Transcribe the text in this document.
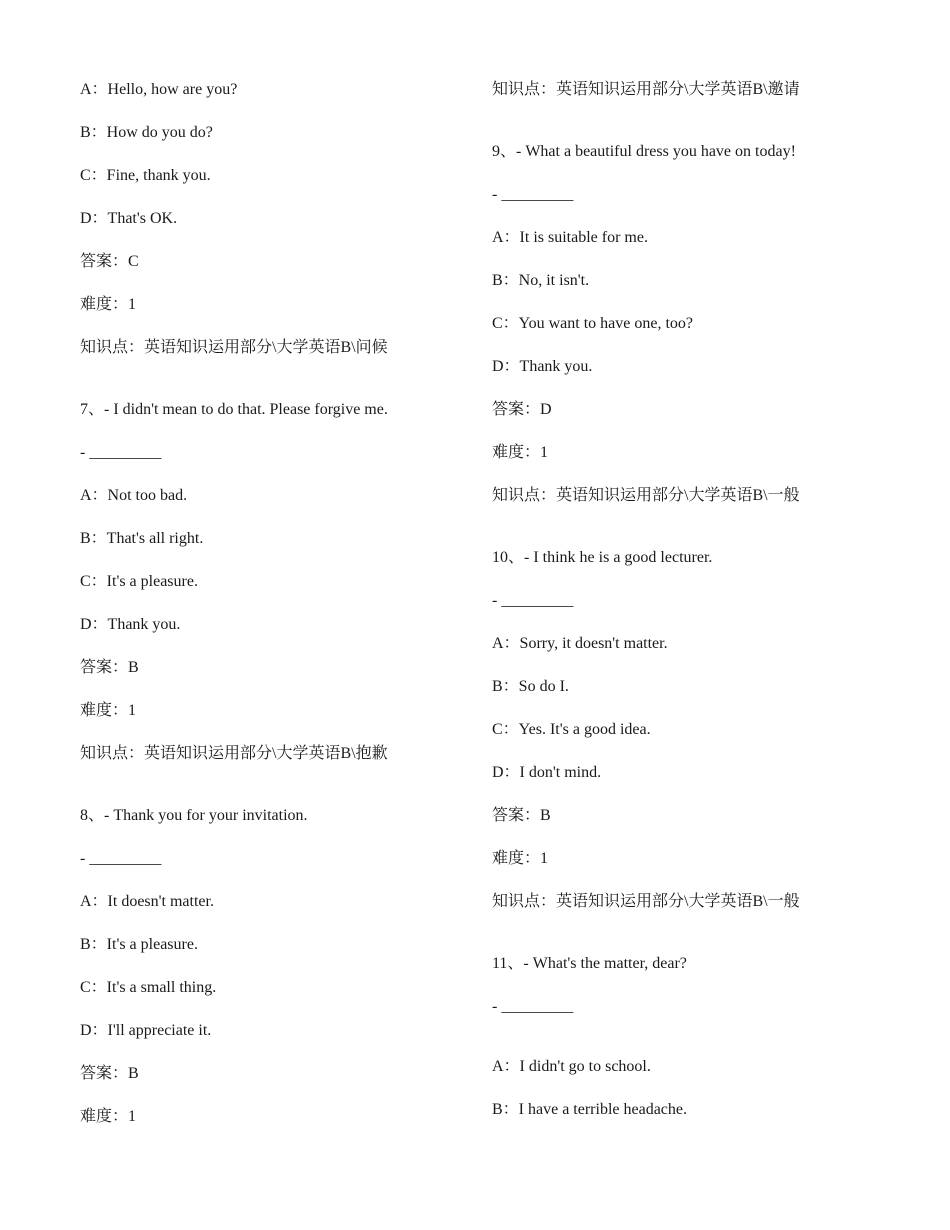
A：Hello, how are you?
B：How do you do?
C：Fine, thank you.
D：That's OK.
答案：C
难度：1
知识点：英语知识运用部分\大学英语B\问候
7、- I didn't mean to do that. Please forgive me.
- _________
A：Not too bad.
B：That's all right.
C：It's a pleasure.
D：Thank you.
答案：B
难度：1
知识点：英语知识运用部分\大学英语B\抱歉
8、- Thank you for your invitation.
- _________
A：It doesn't matter.
B：It's a pleasure.
C：It's a small thing.
D：I'll appreciate it.
答案：B
难度：1
知识点：英语知识运用部分\大学英语B\邀请
9、- What a beautiful dress you have on today!
- _________
A：It is suitable for me.
B：No, it isn't.
C：You want to have one, too?
D：Thank you.
答案：D
难度：1
知识点：英语知识运用部分\大学英语B\一般
10、- I think he is a good lecturer.
- _________
A：Sorry, it doesn't matter.
B：So do I.
C：Yes. It's a good idea.
D：I don't mind.
答案：B
难度：1
知识点：英语知识运用部分\大学英语B\一般
11、- What's the matter, dear?
- _________
A：I didn't go to school.
B：I have a terrible headache.
